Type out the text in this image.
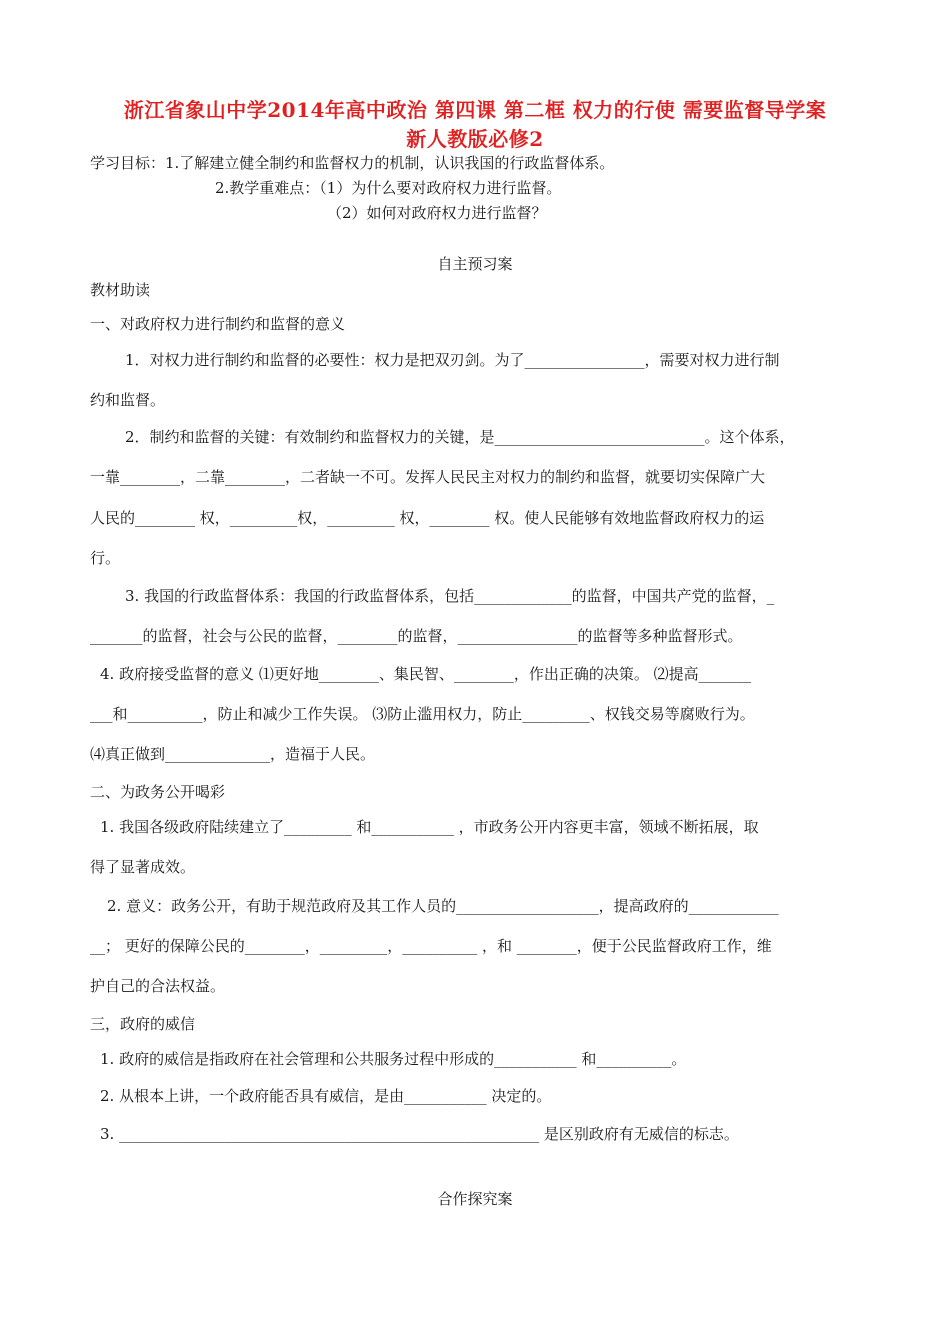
浙江省象山中学2014年高中政治 第四课 第二框 权力的行使 需要监督导学案
新人教版必修2
学习目标：1.了解建立健全制约和监督权力的机制，认识我国的行政监督体系。
2.教学重难点：（1）为什么要对政府权力进行监督。
（2）如何对政府权力进行监督？
自主预习案
教材助读
一、对政府权力进行制约和监督的意义
1．对权力进行制约和监督的必要性：权力是把双刃剑。为了________________，需要对权力进行制
约和监督。
2．制约和监督的关键：有效制约和监督权力的关键，是____________________________。这个体系，
一靠________，二靠________，二者缺一不可。发挥人民民主对权力的制约和监督，就要切实保障广大
人民的________ 权，_________权，_________ 权，________ 权。使人民能够有效地监督政府权力的运
行。
3. 我国的行政监督体系：我国的行政监督体系，包括_____________的监督，中国共产党的监督，_
_______的监督，社会与公民的监督，________的监督，________________的监督等多种监督形式。
4. 政府接受监督的意义 ⑴更好地________、集民智、________，作出正确的决策。 ⑵提高_______
___和__________，防止和减少工作失误。 ⑶防止滥用权力，防止_________、权钱交易等腐败行为。
⑷真正做到______________，造福于人民。
二、为政务公开喝彩
1. 我国各级政府陆续建立了_________ 和___________ ，市政务公开内容更丰富，领域不断拓展，取
得了显著成效。
2. 意义：政务公开，有助于规范政府及其工作人员的___________________，提高政府的____________
__； 更好的保障公民的________，_________，__________ ，和 ________，便于公民监督政府工作，维
护自己的合法权益。
三，政府的威信
1. 政府的威信是指政府在社会管理和公共服务过程中形成的___________ 和__________。
2. 从根本上讲，一个政府能否具有威信，是由___________ 决定的。
3. ________________________________________________________ 是区别政府有无威信的标志。
合作探究案
